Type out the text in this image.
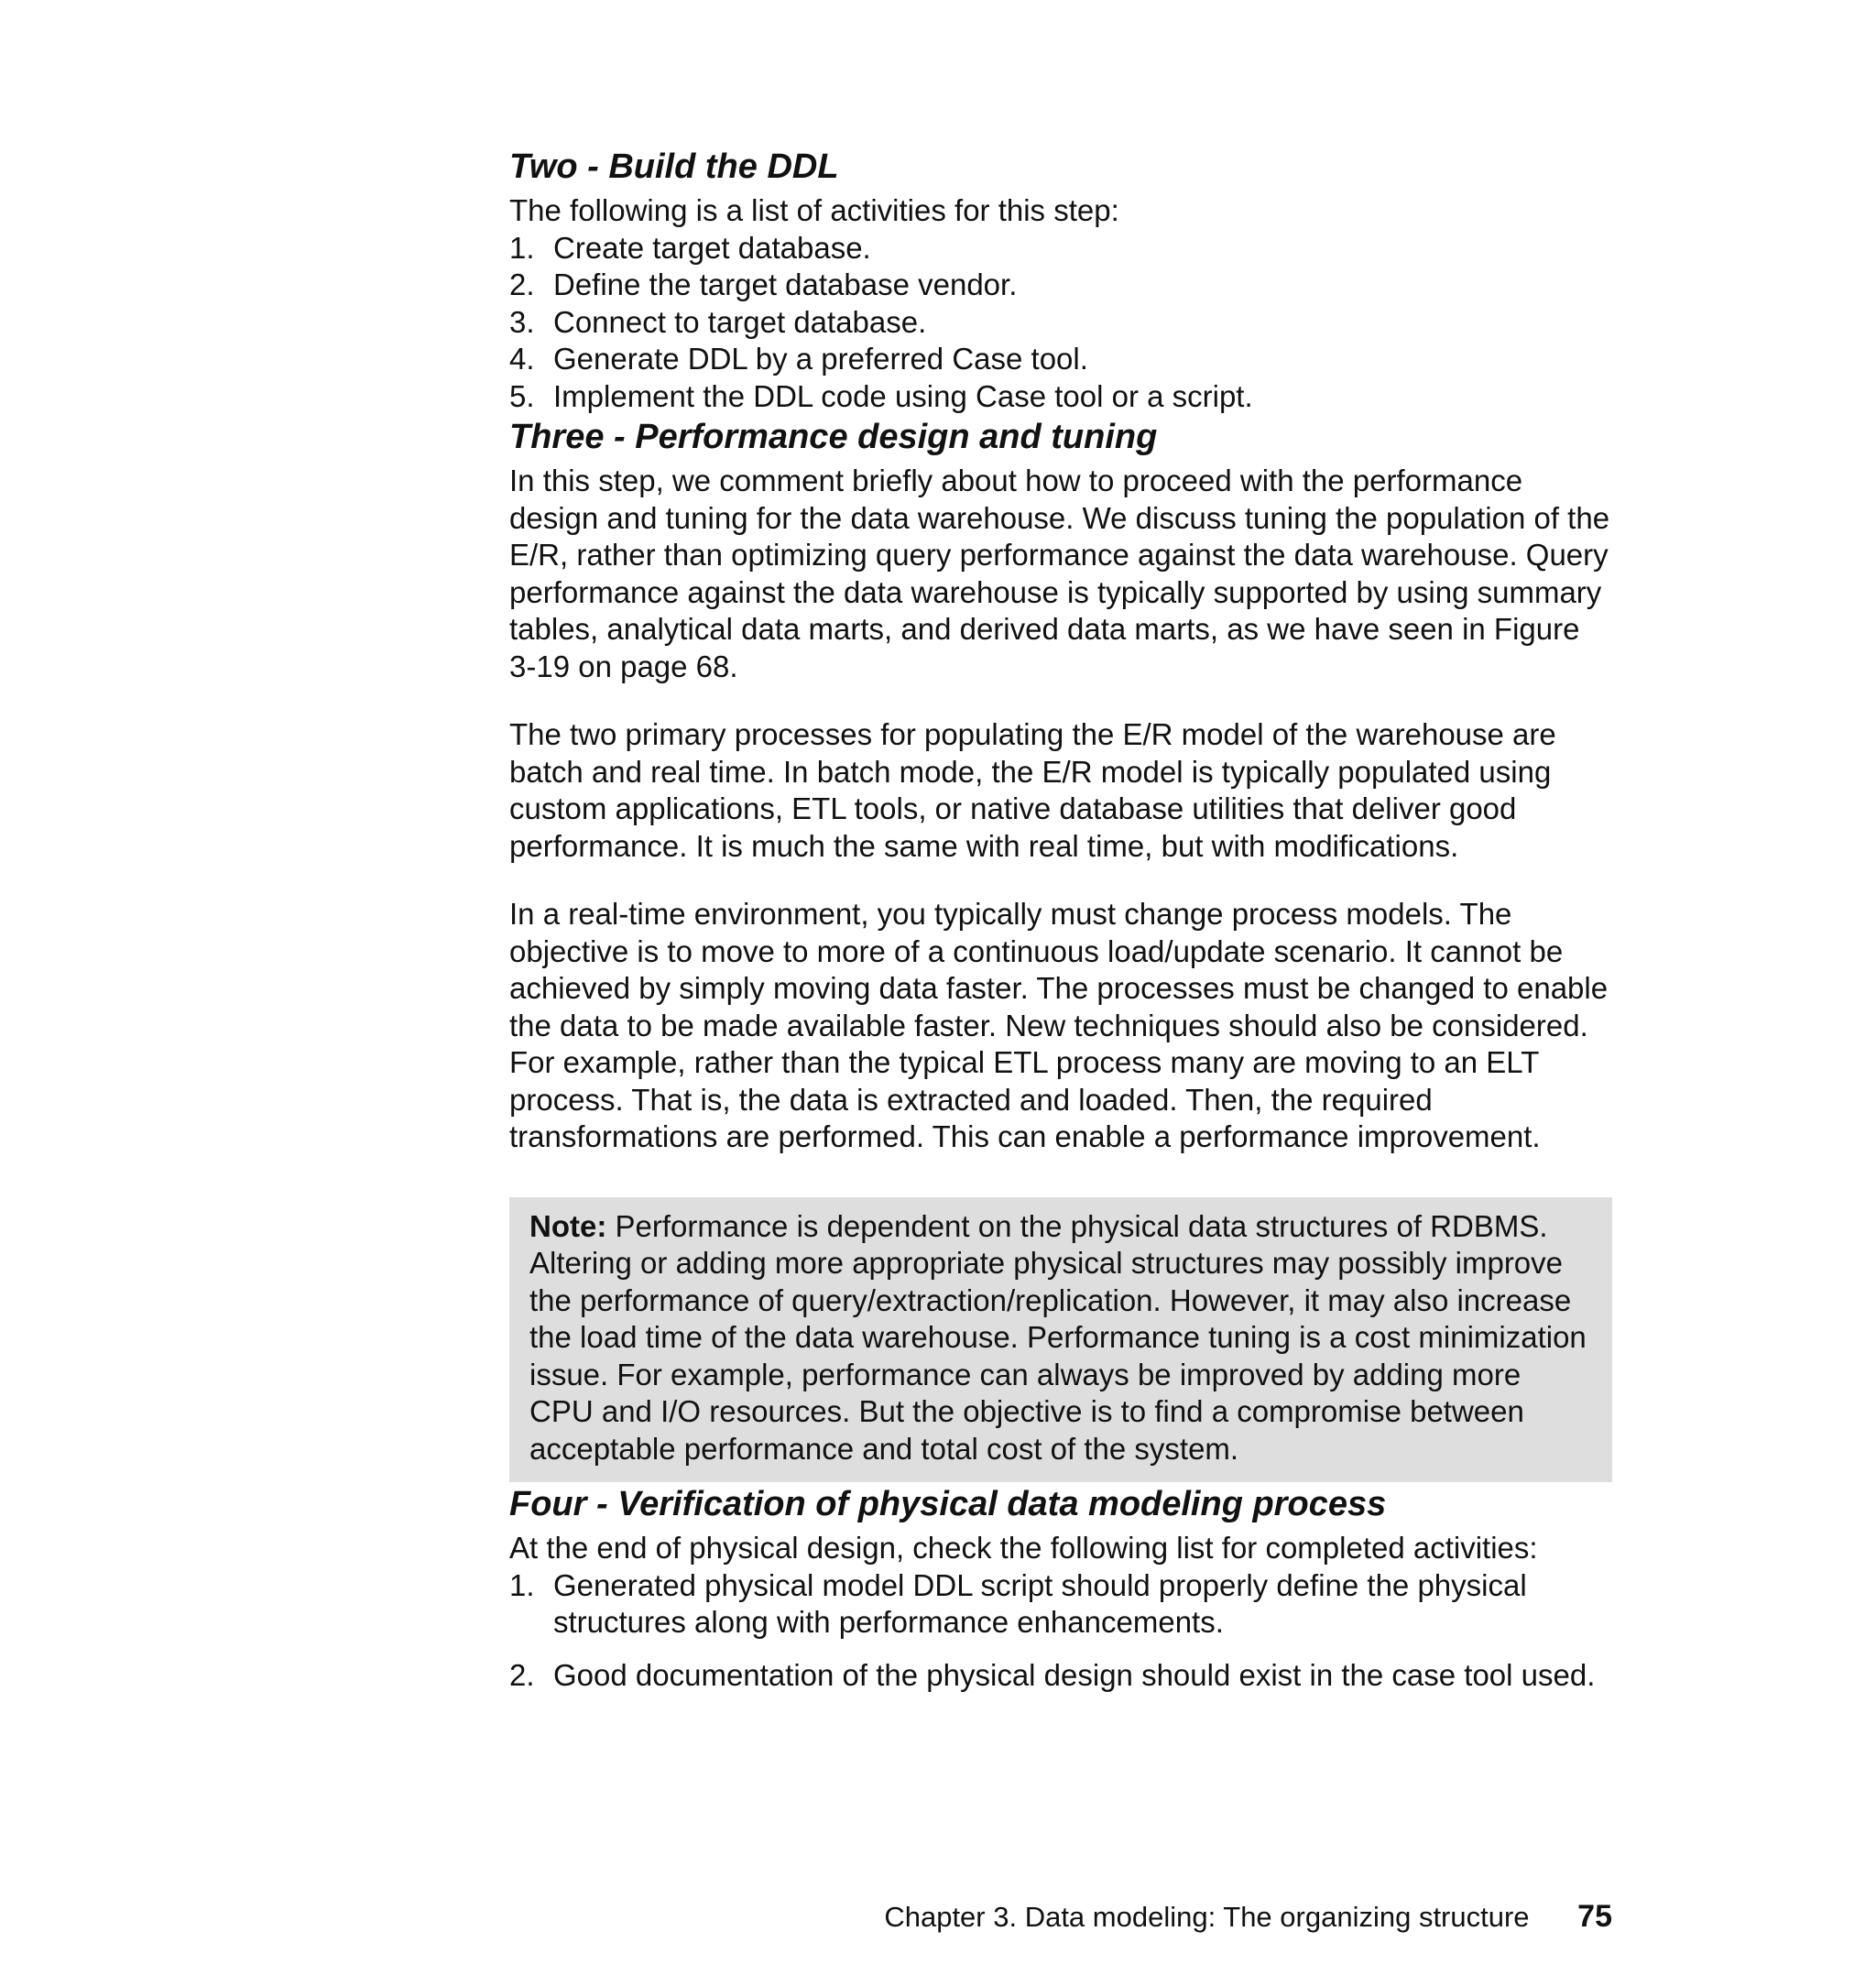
Two - Build the DDL

The following is a list of activities for this step:

1. Create target database.
2. Define the target database vendor.
3. Connect to target database.
4. Generate DDL by a preferred Case tool.
5. Implement the DDL code using Case tool or a script.
Three - Performance design and tuning

In this step, we comment briefly about how to proceed with the performance design and tuning for the data warehouse. We discuss tuning the population of the E/R, rather than optimizing query performance against the data warehouse. Query performance against the data warehouse is typically supported by using summary tables, analytical data marts, and derived data marts, as we have seen in Figure 3-19 on page 68.

The two primary processes for populating the E/R model of the warehouse are batch and real time. In batch mode, the E/R model is typically populated using custom applications, ETL tools, or native database utilities that deliver good performance. It is much the same with real time, but with modifications.

In a real-time environment, you typically must change process models. The objective is to move to more of a continuous load/update scenario. It cannot be achieved by simply moving data faster. The processes must be changed to enable the data to be made available faster. New techniques should also be considered. For example, rather than the typical ETL process many are moving to an ELT process. That is, the data is extracted and loaded. Then, the required transformations are performed. This can enable a performance improvement.

Note: Performance is dependent on the physical data structures of RDBMS. Altering or adding more appropriate physical structures may possibly improve the performance of query/extraction/replication. However, it may also increase the load time of the data warehouse. Performance tuning is a cost minimization issue. For example, performance can always be improved by adding more CPU and I/O resources. But the objective is to find a compromise between acceptable performance and total cost of the system.
Four - Verification of physical data modeling process

At the end of physical design, check the following list for completed activities:

1. Generated physical model DDL script should properly define the physical structures along with performance enhancements.
2. Good documentation of the physical design should exist in the case tool used.
Chapter 3. Data modeling: The organizing structure 75
